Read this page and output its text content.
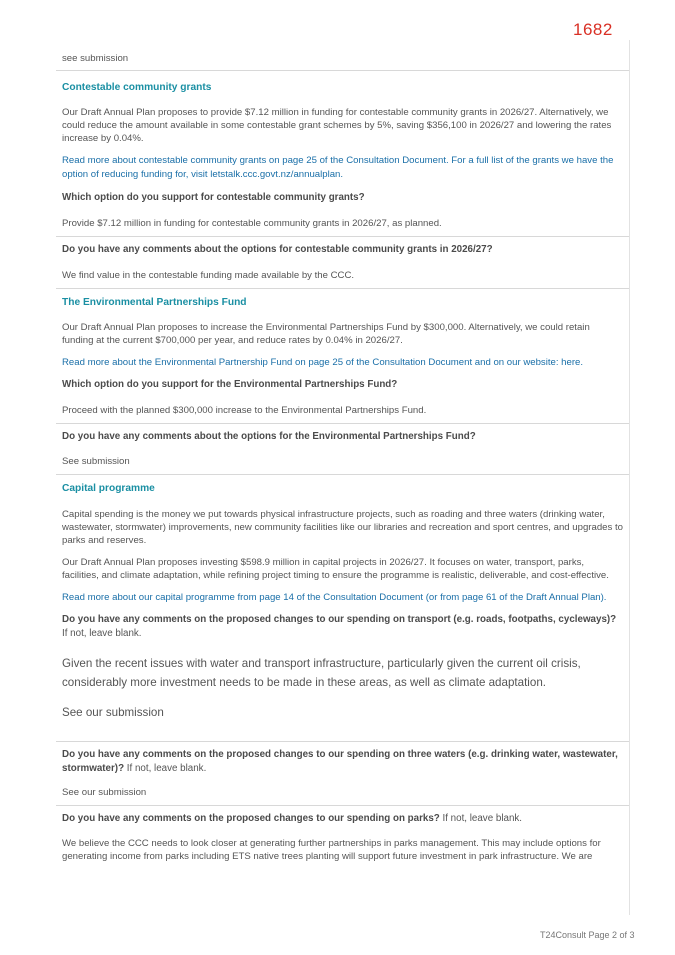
1682

see submission

Contestable community grants

Our Draft Annual Plan proposes to provide $7.12 million in funding for contestable community grants in 2026/27. Alternatively, we could reduce the amount available in some contestable grant schemes by 5%, saving $356,100 in 2026/27 and lowering the rates increase by 0.04%.

Read more about contestable community grants on page 25 of the Consultation Document. For a full list of the grants we have the option of reducing funding for, visit letstalk.ccc.govt.nz/annualplan.

Which option do you support for contestable community grants?

Provide $7.12 million in funding for contestable community grants in 2026/27, as planned.

Do you have any comments about the options for contestable community grants in 2026/27?

We find value in the contestable funding made available by the CCC.

The Environmental Partnerships Fund

Our Draft Annual Plan proposes to increase the Environmental Partnerships Fund by $300,000. Alternatively, we could retain funding at the current $700,000 per year, and reduce rates by 0.04% in 2026/27.

Read more about the Environmental Partnership Fund on page 25 of the Consultation Document and on our website: here.

Which option do you support for the Environmental Partnerships Fund?

Proceed with the planned $300,000 increase to the Environmental Partnerships Fund.

Do you have any comments about the options for the Environmental Partnerships Fund?

See submission

Capital programme

Capital spending is the money we put towards physical infrastructure projects, such as roading and three waters (drinking water, wastewater, stormwater) improvements, new community facilities like our libraries and recreation and sport centres, and upgrades to parks and reserves.

Our Draft Annual Plan proposes investing $598.9 million in capital projects in 2026/27. It focuses on water, transport, parks, facilities, and climate adaptation, while refining project timing to ensure the programme is realistic, deliverable, and cost-effective.

Read more about our capital programme from page 14 of the Consultation Document (or from page 61 of the Draft Annual Plan).

Do you have any comments on the proposed changes to our spending on transport (e.g. roads, footpaths, cycleways)? If not, leave blank.

Given the recent issues with water and transport infrastructure, particularly given the current oil crisis, considerably more investment needs to be made in these areas, as well as climate adaptation.

See our submission

Do you have any comments on the proposed changes to our spending on three waters (e.g. drinking water, wastewater, stormwater)? If not, leave blank.

See our submission

Do you have any comments on the proposed changes to our spending on parks? If not, leave blank.

We believe the CCC needs to look closer at generating further partnerships in parks management. This may include options for generating income from parks including ETS native trees planting will support future investment in park infrastructure. We are

T24Consult Page 2 of 3
